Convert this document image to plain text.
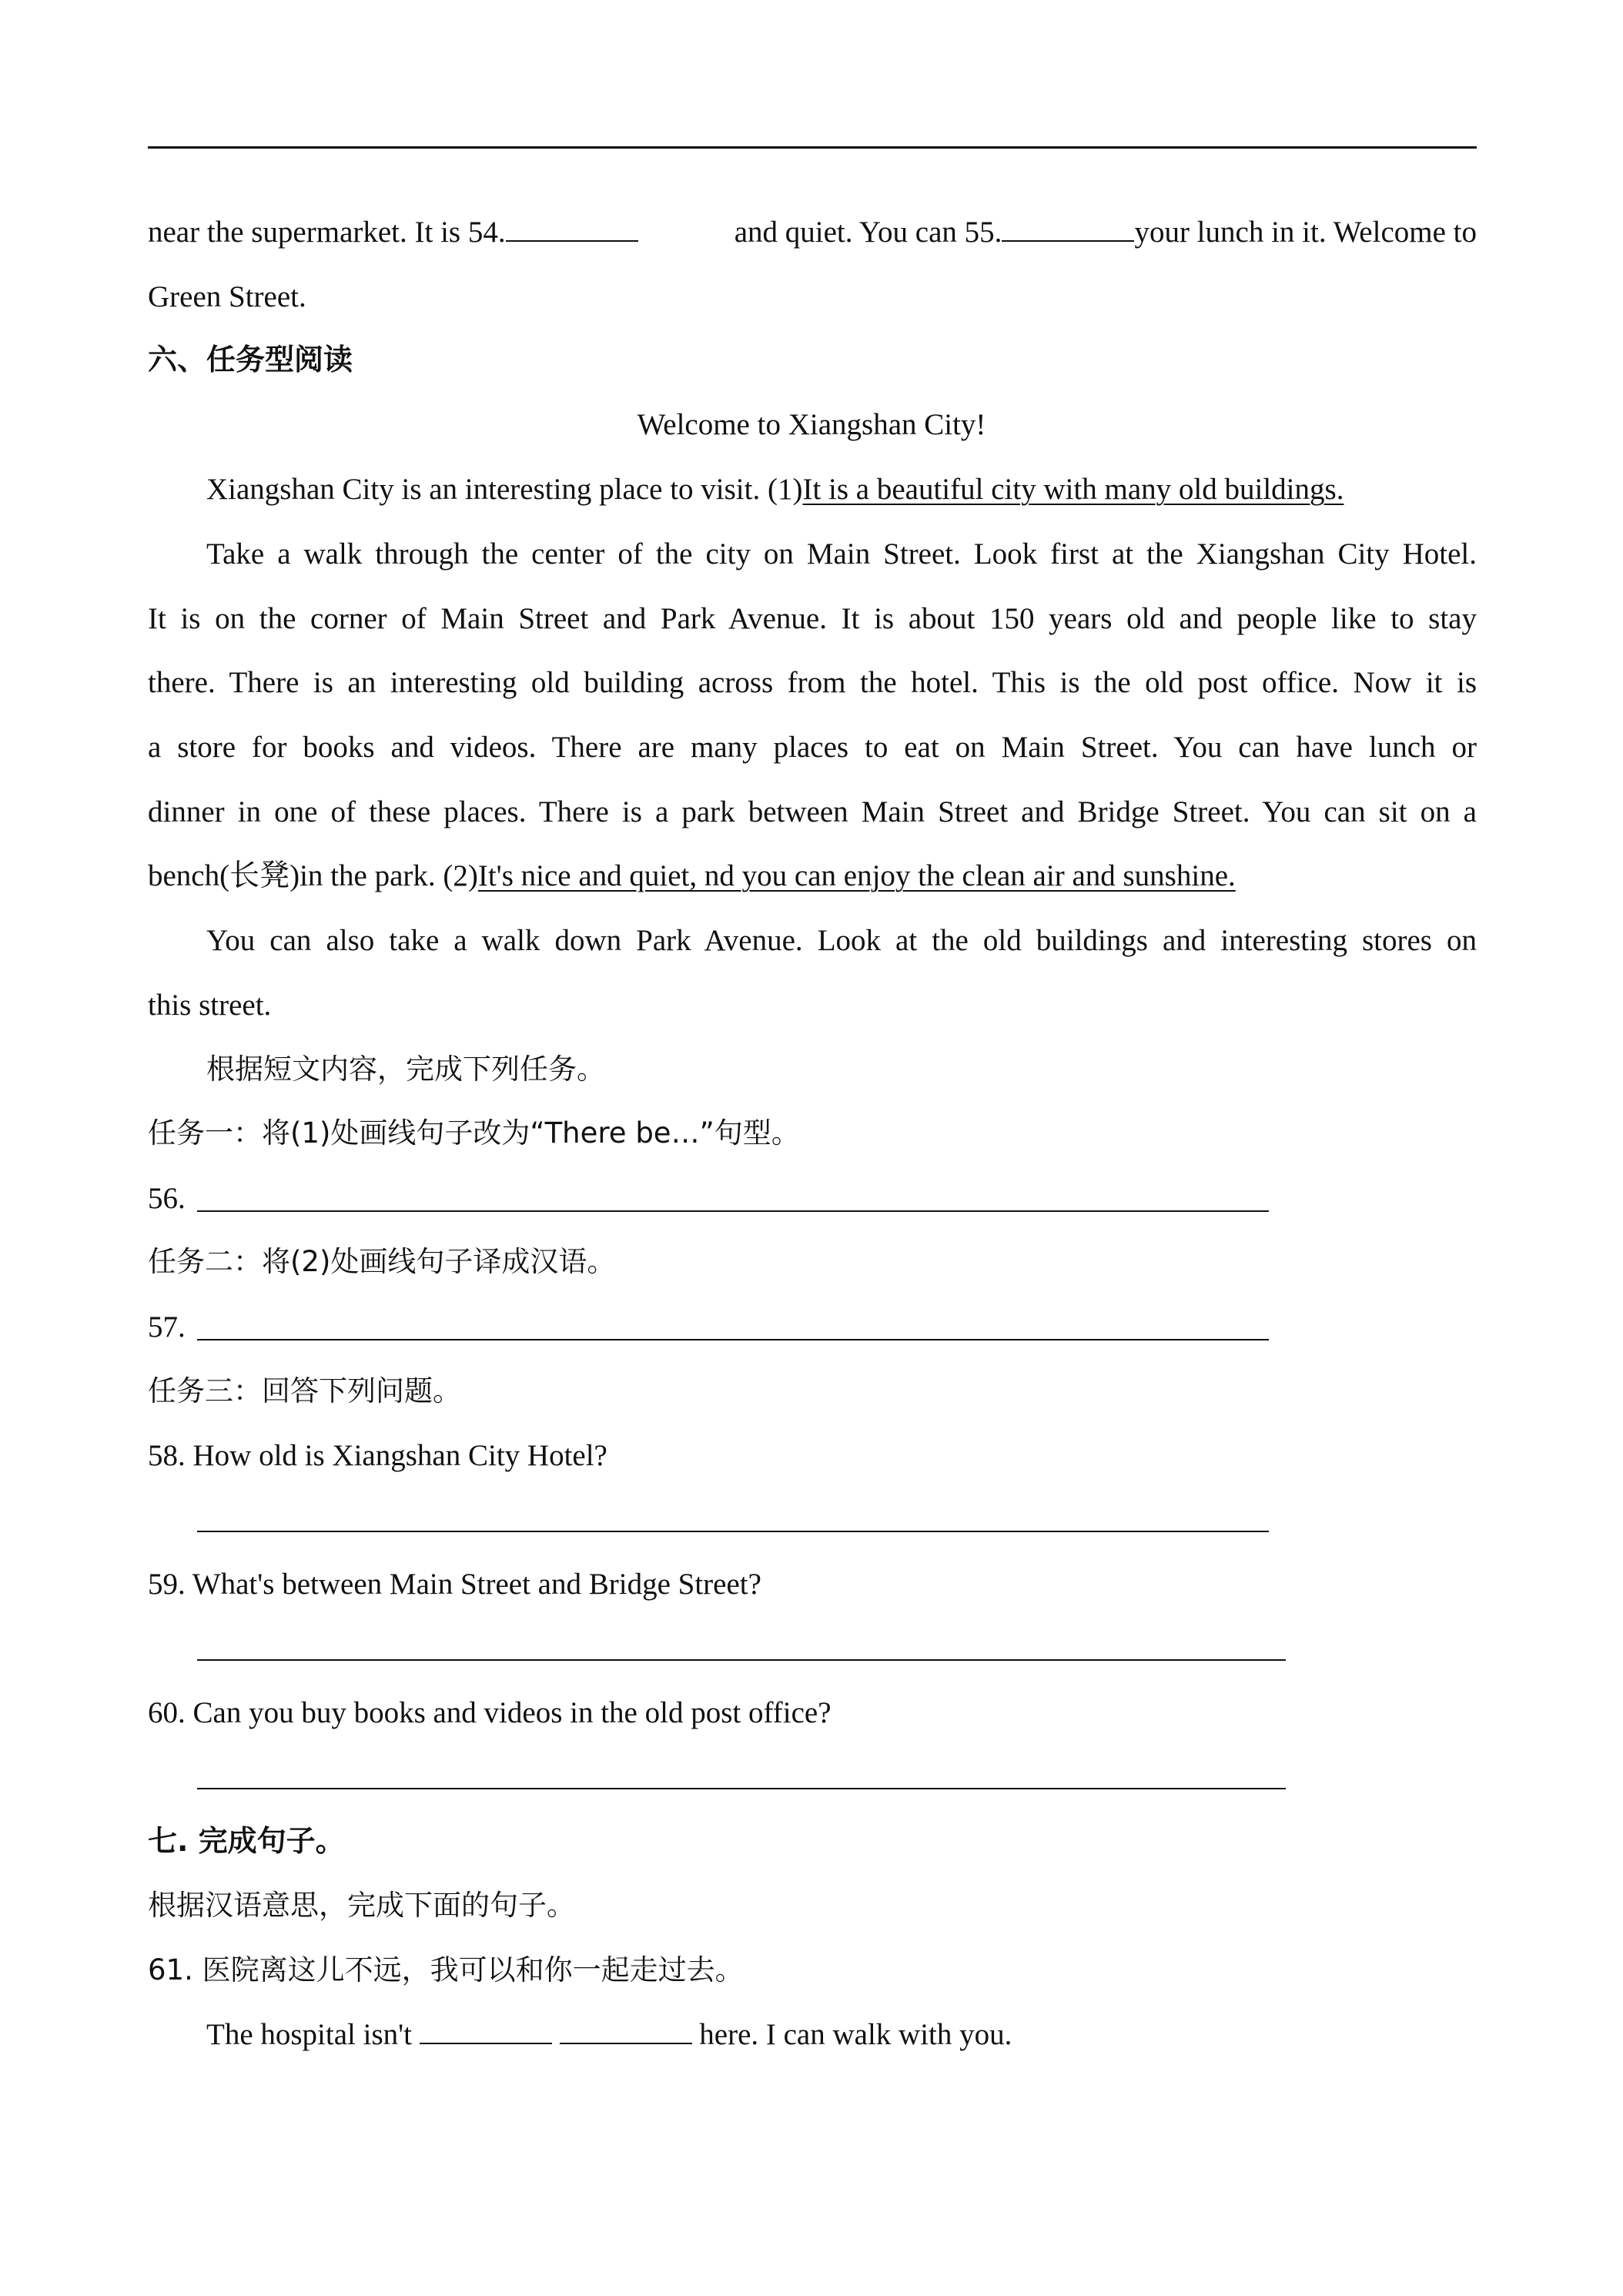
near the supermarket. It is 54.	and quiet. You can 55.	your lunch in it. Welcome to
Green Street.
六、任务型阅读
Welcome to Xiangshan City!
Xiangshan City is an interesting place to visit. (1)It is a beautiful city with many old buildings.
Take a walk through the center of the city on Main Street. Look first at the Xiangshan City Hotel.
It is on the corner of Main Street and Park Avenue. It is about 150 years old and people like to stay
there. There is an interesting old building across from the hotel. This is the old post office. Now it is
a store for books and videos. There are many places to eat on Main Street. You can have lunch or
dinner in one of these places. There is a park between Main Street and Bridge Street. You can sit on a
bench(长凳)in the park. (2)It's nice and quiet, nd you can enjoy the clean air and sunshine.
You can also take a walk down Park Avenue. Look at the old buildings and interesting stores on
this street.
根据短文内容，完成下列任务。
任务一：将(1)处画线句子改为“There be…”句型。
56.
任务二：将(2)处画线句子译成汉语。
57.
任务三：回答下列问题。
58. How old is Xiangshan City Hotel?
59. What's between Main Street and Bridge Street?
60. Can you buy books and videos in the old post office?
七. 完成句子。
根据汉语意思，完成下面的句子。
61. 医院离这儿不远，我可以和你一起走过去。
The hospital isn't	here. I can walk with you.
